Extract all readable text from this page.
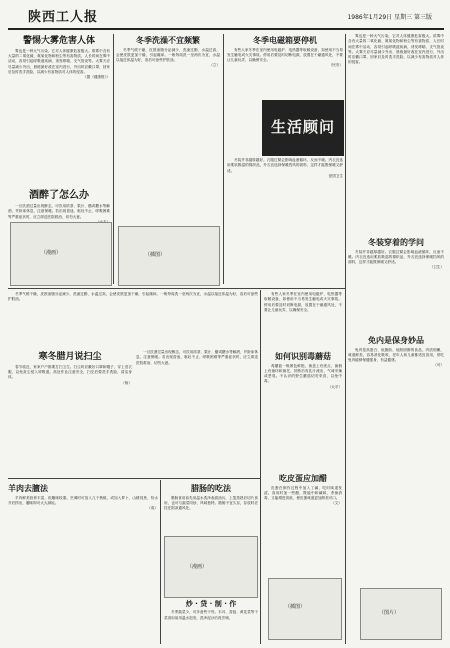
陕西工人报	1986年1月29日 星期三 第三版
警惕大雾危害人体

雾也是一种大气污染，它对人体健康危害极大。浓雾中含有大量的二氧化硫、氮氧化物和粉尘等有害物质，人长时间在雾中活动，容易引起呼吸道疾病，诱发哮喘、支气管炎等。大雾天应尽量减少外出，晨练最好改在室内进行，外出时应戴口罩，回家后及时洗手洗脸，以减少有害物质对人体的侵害。

（据《健康报》）

酒醉了怎么办

一旦饮酒过量出现醉态，可饮用浓茶、果汁、醋或糖水等解酒，并卧床休息，注意保暖。若出现昏迷、呕吐不止、呼吸困难等严重症状时，应立即送医院救治，切勿大意。

冬季洗澡不宜频繁

冬季气候干燥，皮肤油脂分泌减少，洗澡过勤、水温过高，会使皮肤更加干燥，引起瘙痒。一般每周洗一至两次为宜，水温以接近体温为好，浴后可涂些护肤油。

（立）

（漫画）	（插图）
冬季电磁箱要停机

有些人家冬季在室内使用电磁炉、电热器等取暖设备，如使用不当易发生触电或火灾事故。停用后要及时切断电源，放置在干燥通风处，不要让儿童玩弄，以确保安全。

（民安）

生活顾问

冬装并非越厚越好。衣服过紧会影响血液循环，反而不暖。内衣宜选用柔软吸湿的棉织品，外衣宜选择保暖挡风的面料，这样才能既保暖又舒适。

爱国卫生

雾也是一种大气污染，它对人体健康危害极大。浓雾中含有大量的二氧化硫、氮氧化物和粉尘等有害物质，人长时间在雾中活动，容易引起呼吸道疾病，诱发哮喘、支气管炎等。大雾天应尽量减少外出，晨练最好改在室内进行，外出时应戴口罩，回家后及时洗手洗脸，以减少有害物质对人体的侵害。

冬装穿着的学问

冬装并非越厚越好。衣服过紧会影响血液循环，反而不暖。内衣宜选用柔软吸湿的棉织品，外衣宜选择保暖挡风的面料，这样才能既保暖又舒适。

（卫生）

免内是保身妙品

兔肉是高蛋白、低脂肪、低胆固醇的食品，肉质细嫩，味道鲜美，容易消化吸收，老年人和儿童都适宜食用，常吃兔肉能够保健强身，有益健康。

（可）

（图片）

冬季气候干燥，皮肤油脂分泌减少，洗澡过勤、水温过高，会使皮肤更加干燥，引起瘙痒。一般每周洗一至两次为宜，水温以接近体温为好，浴后可涂些护肤油。

寒冬腊月说扫尘

春节临近，家家户户都要打扫卫生。扫尘时应戴好口罩和帽子，穿上旧衣服，以免灰尘侵入呼吸道。高处作业注意安全，扫完后要洗手洗脸，清洁身体。

（杨）

一旦饮酒过量出现醉态，可饮用浓茶、果汁、醋或糖水等解酒，并卧床休息，注意保暖。若出现昏迷、呕吐不止、呼吸困难等严重症状时，应立即送医院救治，切勿大意。

有些人家冬季在室内使用电磁炉、电热器等取暖设备，如使用不当易发生触电或火灾事故。停用后要及时切断电源，放置在干燥通风处，不要让儿童玩弄，以确保安全。

如何识别毒蘑菇

毒蘑菇一般颜色鲜艳，菌盖上有疣点，菌柄上有菌环和菌托，折断后有乳汁流出，气味辛辣或恶臭。不认识的野生蘑菇切勿采食，以免中毒。

（大平）

吃皮蛋应加醋

皮蛋在制作过程中加入了碱，吃时味道发涩。食用时加一些醋，既能中和碱味、杀菌消毒，又能增进食欲，使皮蛋味道更加鲜美可口。

（文）

（插图）
羊肉去膻法

羊肉鲜美营养丰富，但膻味较重。烹调时可放入几个核桃，或加入萝卜、山楂同煮，待水开后捞出，膻味即可大大减轻。

（成）

腊肠的吃法

腊肠食用前先用温水洗净表面油污，上笼蒸熟后切片食用，也可与蔬菜同炒，风味独特。腊肠不宜久存，存放时应挂在阴凉通风处。

（漫画）
炒 · 贷 · 制 · 作

冬季蔬菜少，可多备些干货。木耳、香菇、黄花菜等干菜食用前用温水泡发，洗净泥沙后再烹调。
